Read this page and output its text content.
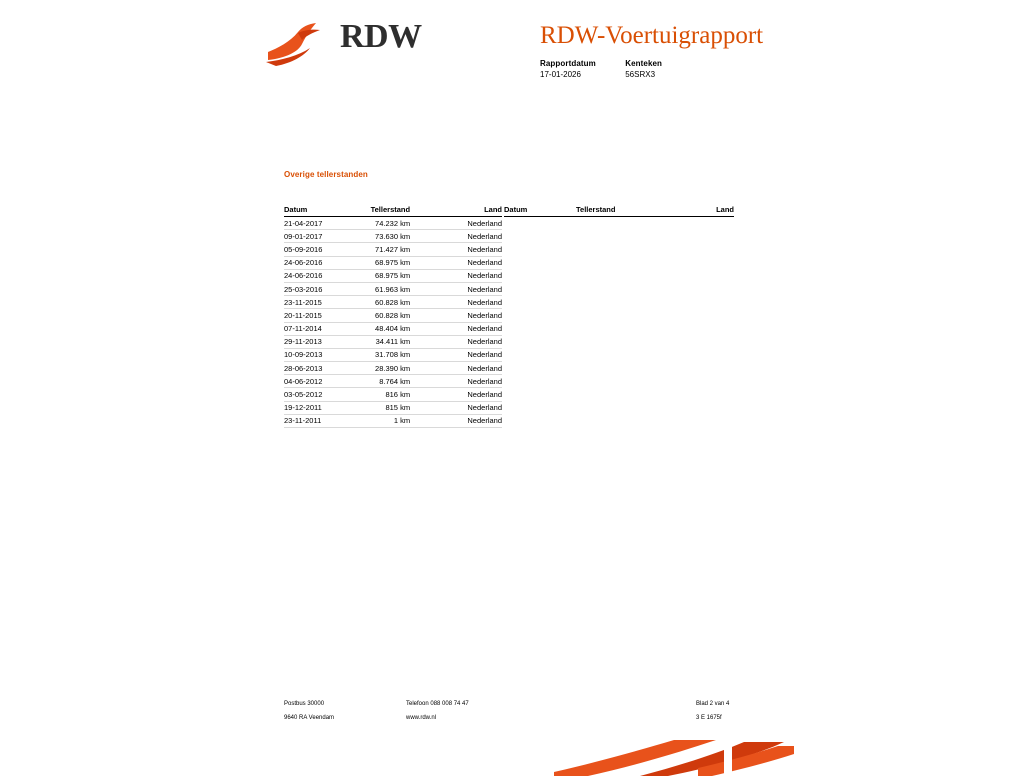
RDW	RDW-Voertuigrapport
Rapportdatum
17-01-2026

Kenteken
56SRX3
Overige tellerstanden
Datum	Tellerstand	Land
21-04-2017	74.232 km	Nederland
09-01-2017	73.630 km	Nederland
05-09-2016	71.427 km	Nederland
24-06-2016	68.975 km	Nederland
24-06-2016	68.975 km	Nederland
25-03-2016	61.963 km	Nederland
23-11-2015	60.828 km	Nederland
20-11-2015	60.828 km	Nederland
07-11-2014	48.404 km	Nederland
29-11-2013	34.411 km	Nederland
10-09-2013	31.708 km	Nederland
28-06-2013	28.390 km	Nederland
04-06-2012	8.764 km	Nederland
03-05-2012	816 km	Nederland
19-12-2011	815 km	Nederland
23-11-2011	1 km	Nederland
Datum	Tellerstand	Land
Postbus 30000
9640 RA Veendam
Telefoon 088 008 74 47
www.rdw.nl
Blad 2 van 4
3 E 1675f
